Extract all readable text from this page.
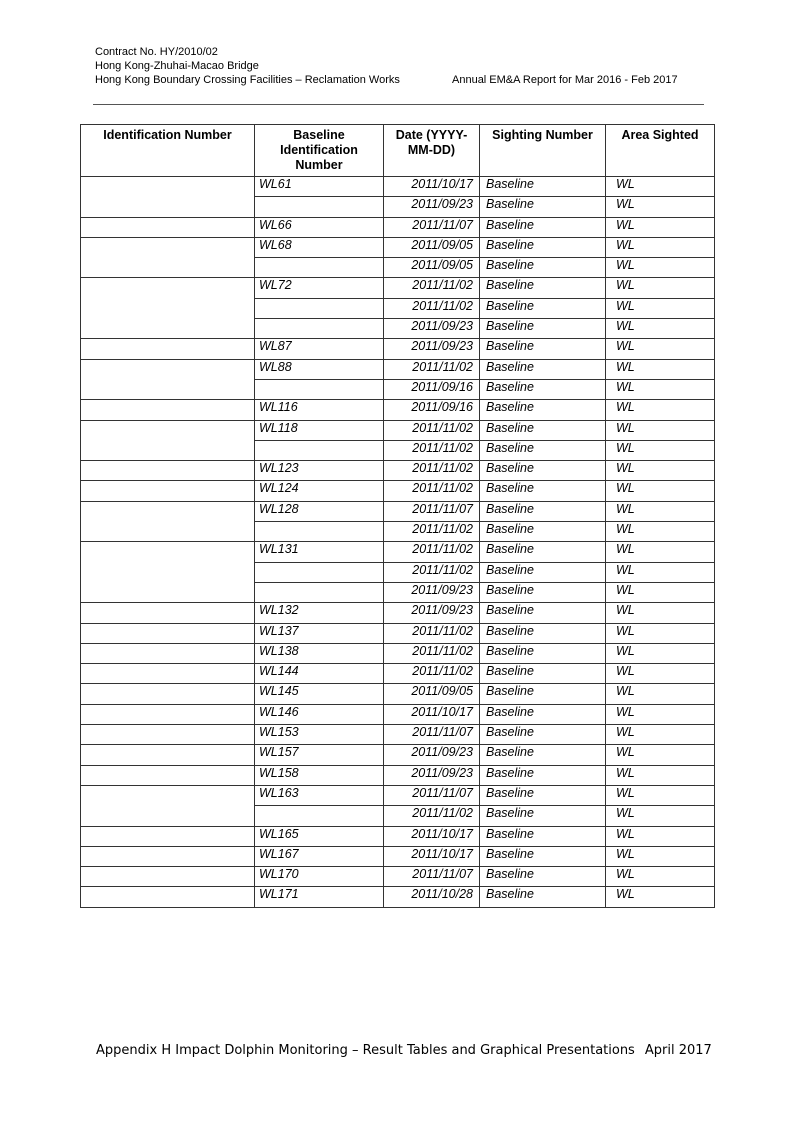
Contract No. HY/2010/02
Hong Kong-Zhuhai-Macao Bridge
Hong Kong Boundary Crossing Facilities – Reclamation Works	Annual EM&A Report for Mar 2016 - Feb 2017
Identification Number	Baseline Identification Number	Date (YYYY-MM-DD)	Sighting Number	Area Sighted
	WL61	2011/10/17	Baseline	WL
		2011/09/23	Baseline	WL
	WL66	2011/11/07	Baseline	WL
	WL68	2011/09/05	Baseline	WL
		2011/09/05	Baseline	WL
	WL72	2011/11/02	Baseline	WL
		2011/11/02	Baseline	WL
		2011/09/23	Baseline	WL
	WL87	2011/09/23	Baseline	WL
	WL88	2011/11/02	Baseline	WL
		2011/09/16	Baseline	WL
	WL116	2011/09/16	Baseline	WL
	WL118	2011/11/02	Baseline	WL
		2011/11/02	Baseline	WL
	WL123	2011/11/02	Baseline	WL
	WL124	2011/11/02	Baseline	WL
	WL128	2011/11/07	Baseline	WL
		2011/11/02	Baseline	WL
	WL131	2011/11/02	Baseline	WL
		2011/11/02	Baseline	WL
		2011/09/23	Baseline	WL
	WL132	2011/09/23	Baseline	WL
	WL137	2011/11/02	Baseline	WL
	WL138	2011/11/02	Baseline	WL
	WL144	2011/11/02	Baseline	WL
	WL145	2011/09/05	Baseline	WL
	WL146	2011/10/17	Baseline	WL
	WL153	2011/11/07	Baseline	WL
	WL157	2011/09/23	Baseline	WL
	WL158	2011/09/23	Baseline	WL
	WL163	2011/11/07	Baseline	WL
		2011/11/02	Baseline	WL
	WL165	2011/10/17	Baseline	WL
	WL167	2011/10/17	Baseline	WL
	WL170	2011/11/07	Baseline	WL
	WL171	2011/10/28	Baseline	WL
Appendix H Impact Dolphin Monitoring – Result Tables and Graphical Presentations April 2017
